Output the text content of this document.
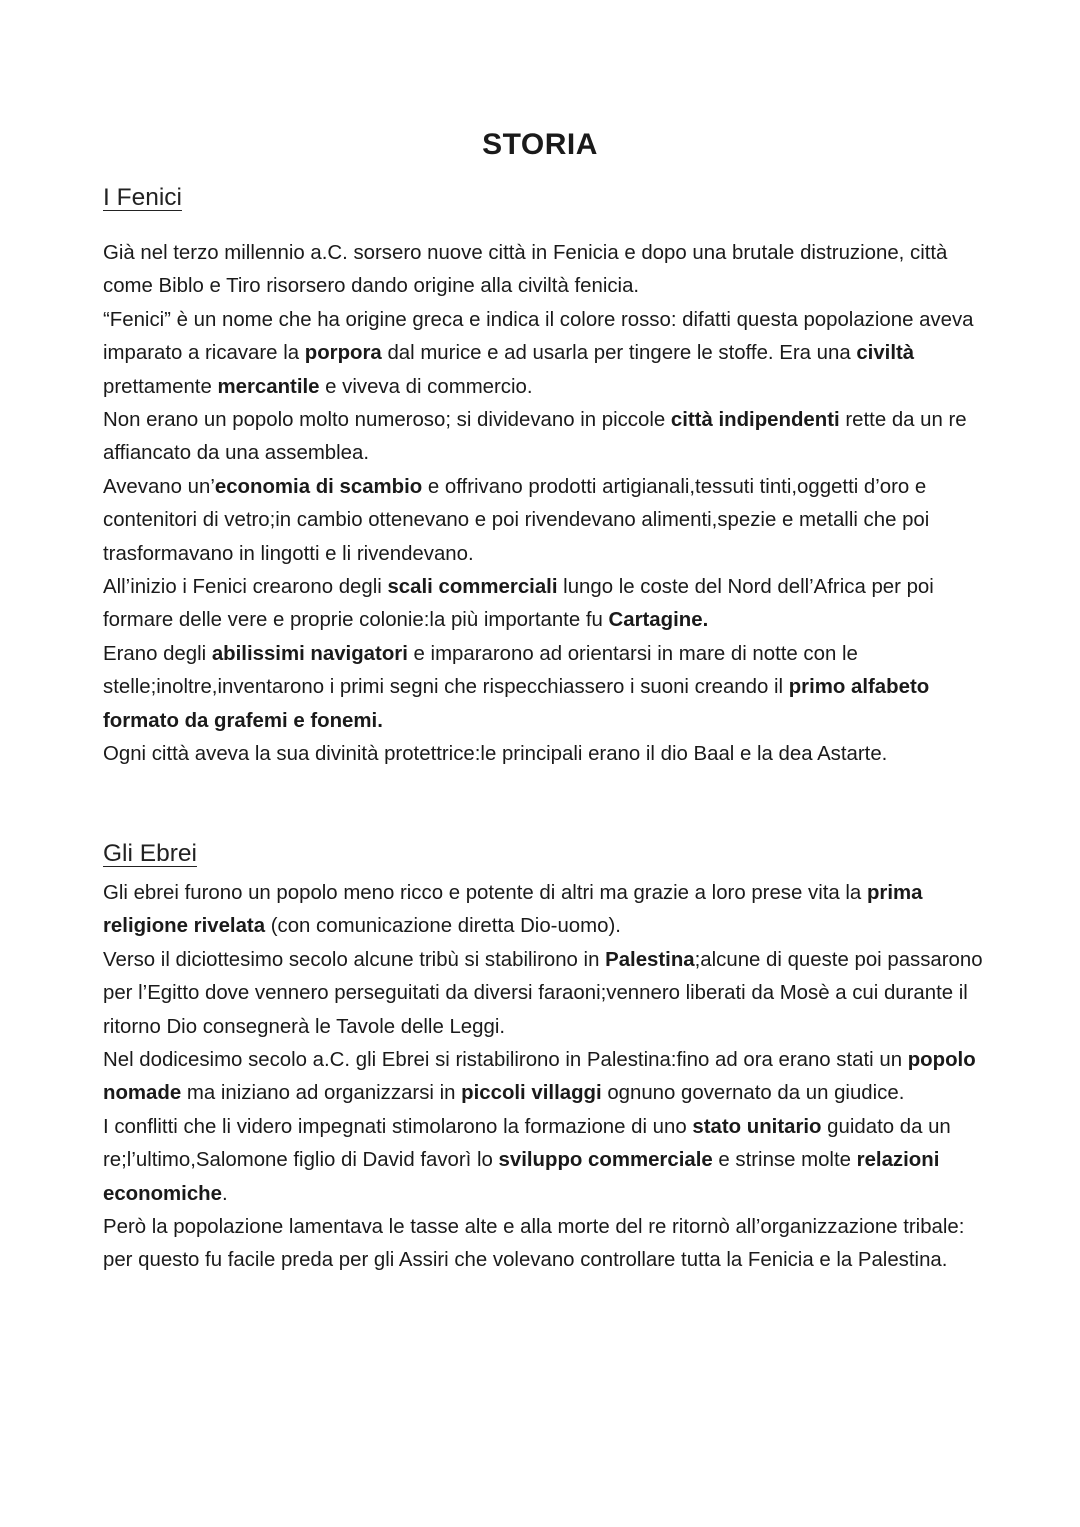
STORIA
I Fenici

Già nel terzo millennio a.C. sorsero nuove città in Fenicia e dopo una brutale distruzione, città come Biblo e Tiro risorsero dando origine alla civiltà fenicia.

“Fenici” è un nome che ha origine greca e indica il colore rosso: difatti questa popolazione aveva imparato a ricavare la porpora dal murice e ad usarla per tingere le stoffe. Era una civiltà prettamente mercantile e viveva di commercio.

Non erano un popolo molto numeroso; si dividevano in piccole città indipendenti rette da un re affiancato da una assemblea.

Avevano un’economia di scambio e offrivano prodotti artigianali,tessuti tinti,oggetti d’oro e contenitori di vetro;in cambio ottenevano e poi rivendevano alimenti,spezie e metalli che poi trasformavano in lingotti e li rivendevano.

All’inizio i Fenici crearono degli scali commerciali lungo le coste del Nord dell’Africa per poi formare delle vere e proprie colonie:la più importante fu Cartagine.

Erano degli abilissimi navigatori e impararono ad orientarsi in mare di notte con le stelle;inoltre,inventarono i primi segni che rispecchiassero i suoni creando il primo alfabeto formato da grafemi e fonemi.

Ogni città aveva la sua divinità protettrice:le principali erano il dio Baal e la dea Astarte.

Gli Ebrei

Gli ebrei furono un popolo meno ricco e potente di altri ma grazie a loro prese vita la prima religione rivelata (con comunicazione diretta Dio-uomo).

Verso il diciottesimo secolo alcune tribù si stabilirono in Palestina;alcune di queste poi passarono per l’Egitto dove vennero perseguitati da diversi faraoni;vennero liberati da Mosè a cui durante il ritorno Dio consegnerà le Tavole delle Leggi.

Nel dodicesimo secolo a.C. gli Ebrei si ristabilirono in Palestina:fino ad ora erano stati un popolo nomade ma iniziano ad organizzarsi in piccoli villaggi ognuno governato da un giudice.

I conflitti che li videro impegnati stimolarono la formazione di uno stato unitario guidato da un re;l’ultimo,Salomone figlio di David favorì lo sviluppo commerciale e strinse molte relazioni economiche.

Però la popolazione lamentava le tasse alte e alla morte del re ritornò all’organizzazione tribale: per questo fu facile preda per gli Assiri che volevano controllare tutta la Fenicia e la Palestina.
